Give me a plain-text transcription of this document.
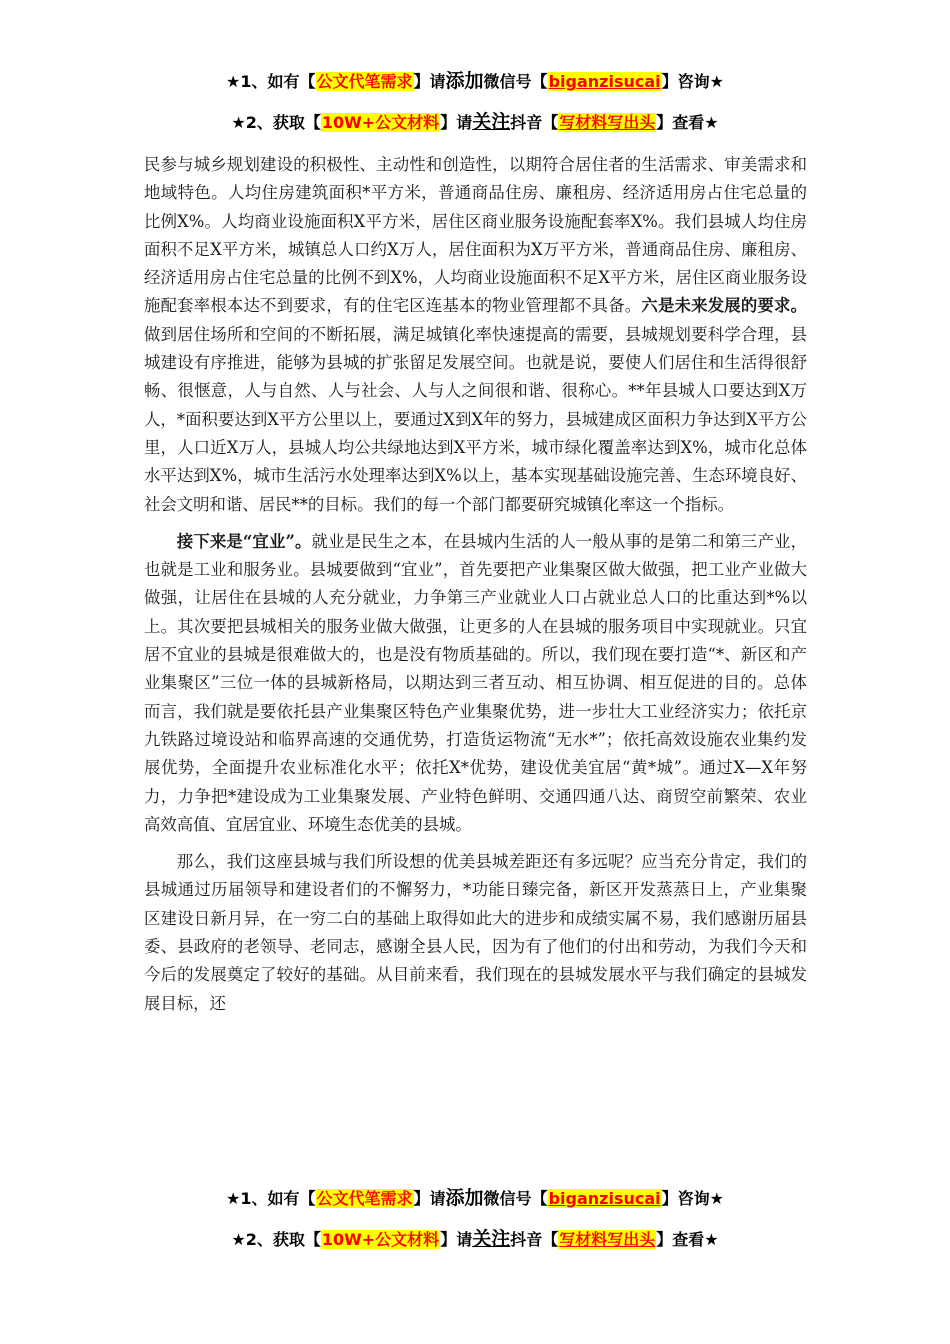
★1、如有【公文代笔需求】请添加微信号【biganzisucai】咨询★
★2、获取【10W+公文材料】请关注抖音【写材料写出头】查看★

民参与城乡规划建设的积极性、主动性和创造性，以期符合居住者的生活需求、审美需求和地域特色。人均住房建筑面积*平方米，普通商品住房、廉租房、经济适用房占住宅总量的比例X%。人均商业设施面积X平方米，居住区商业服务设施配套率X%。我们县城人均住房面积不足X平方米，城镇总人口约X万人，居住面积为X万平方米，普通商品住房、廉租房、经济适用房占住宅总量的比例不到X%，人均商业设施面积不足X平方米，居住区商业服务设施配套率根本达不到要求，有的住宅区连基本的物业管理都不具备。六是未来发展的要求。做到居住场所和空间的不断拓展，满足城镇化率快速提高的需要，县城规划要科学合理，县城建设有序推进，能够为县城的扩张留足发展空间。也就是说，要使人们居住和生活得很舒畅、很惬意，人与自然、人与社会、人与人之间很和谐、很称心。**年县城人口要达到X万人，*面积要达到X平方公里以上，要通过X到X年的努力，县城建成区面积力争达到X平方公里，人口近X万人，县城人均公共绿地达到X平方米，城市绿化覆盖率达到X%，城市化总体水平达到X%，城市生活污水处理率达到X%以上，基本实现基础设施完善、生态环境良好、社会文明和谐、居民**的目标。我们的每一个部门都要研究城镇化率这一个指标。

接下来是“宜业”。就业是民生之本，在县城内生活的人一般从事的是第二和第三产业，也就是工业和服务业。县城要做到“宜业”，首先要把产业集聚区做大做强，把工业产业做大做强，让居住在县城的人充分就业，力争第三产业就业人口占就业总人口的比重达到*%以上。其次要把县城相关的服务业做大做强，让更多的人在县城的服务项目中实现就业。只宜居不宜业的县城是很难做大的，也是没有物质基础的。所以，我们现在要打造“*、新区和产业集聚区”三位一体的县城新格局，以期达到三者互动、相互协调、相互促进的目的。总体而言，我们就是要依托县产业集聚区特色产业集聚优势，进一步壮大工业经济实力；依托京九铁路过境设站和临界高速的交通优势，打造货运物流“无水*”；依托高效设施农业集约发展优势，全面提升农业标准化水平；依托X*优势，建设优美宜居“黄*城”。通过X—X年努力，力争把*建设成为工业集聚发展、产业特色鲜明、交通四通八达、商贸空前繁荣、农业高效高值、宜居宜业、环境生态优美的县城。

那么，我们这座县城与我们所设想的优美县城差距还有多远呢？应当充分肯定，我们的县城通过历届领导和建设者们的不懈努力，*功能日臻完备，新区开发蒸蒸日上，产业集聚区建设日新月异，在一穷二白的基础上取得如此大的进步和成绩实属不易，我们感谢历届县委、县政府的老领导、老同志，感谢全县人民，因为有了他们的付出和劳动，为我们今天和今后的发展奠定了较好的基础。从目前来看，我们现在的县城发展水平与我们确定的县城发展目标，还

★1、如有【公文代笔需求】请添加微信号【biganzisucai】咨询★
★2、获取【10W+公文材料】请关注抖音【写材料写出头】查看★
